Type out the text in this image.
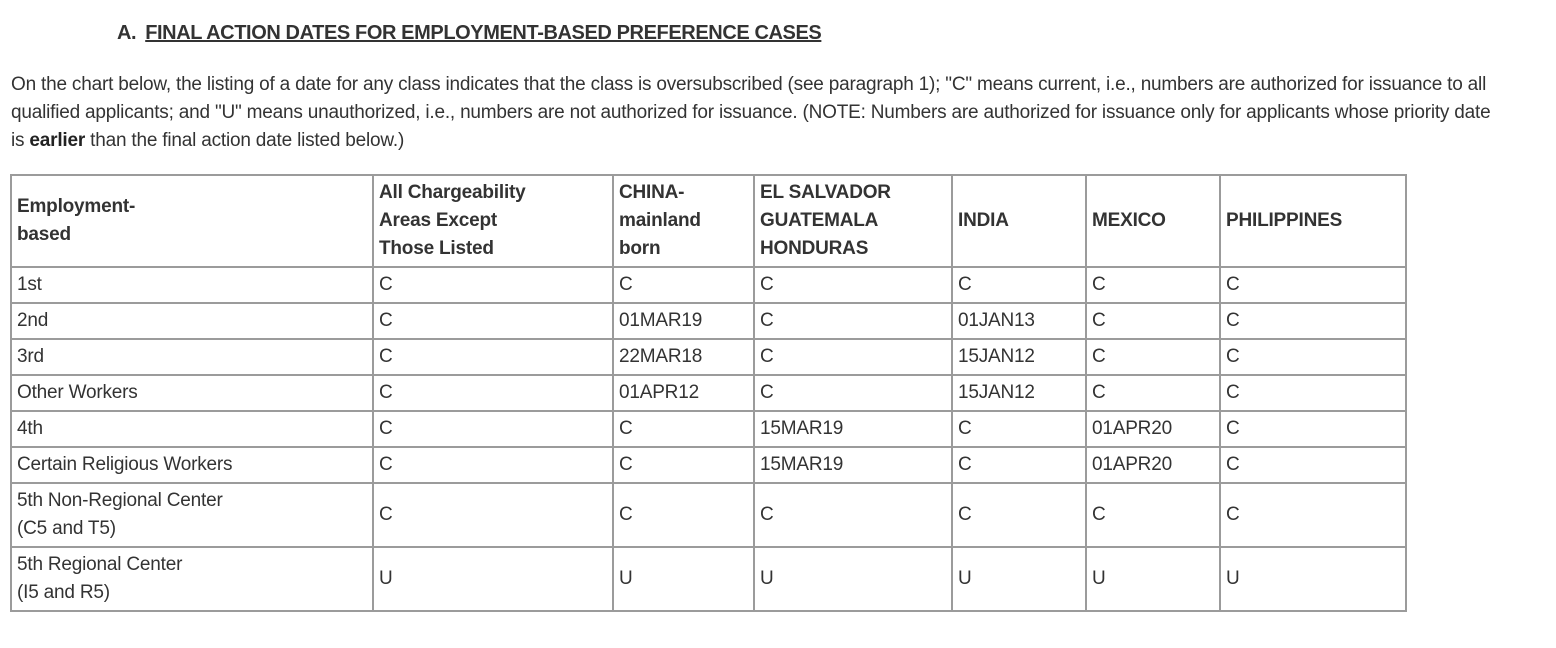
A. FINAL ACTION DATES FOR EMPLOYMENT-BASED PREFERENCE CASES

On the chart below, the listing of a date for any class indicates that the class is oversubscribed (see paragraph 1); "C" means current, i.e., numbers are authorized for issuance to all qualified applicants; and "U" means unauthorized, i.e., numbers are not authorized for issuance. (NOTE: Numbers are authorized for issuance only for applicants whose priority date is earlier than the final action date listed below.)

Employment-
based	All Chargeability
Areas Except
Those Listed	CHINA-
mainland
born	EL SALVADOR
GUATEMALA
HONDURAS	INDIA	MEXICO	PHILIPPINES
1st	C	C	C	C	C	C
2nd	C	01MAR19	C	01JAN13	C	C
3rd	C	22MAR18	C	15JAN12	C	C
Other Workers	C	01APR12	C	15JAN12	C	C
4th	C	C	15MAR19	C	01APR20	C
Certain Religious Workers	C	C	15MAR19	C	01APR20	C
5th Non-Regional Center
(C5 and T5)	C	C	C	C	C	C
5th Regional Center
(I5 and R5)	U	U	U	U	U	U
